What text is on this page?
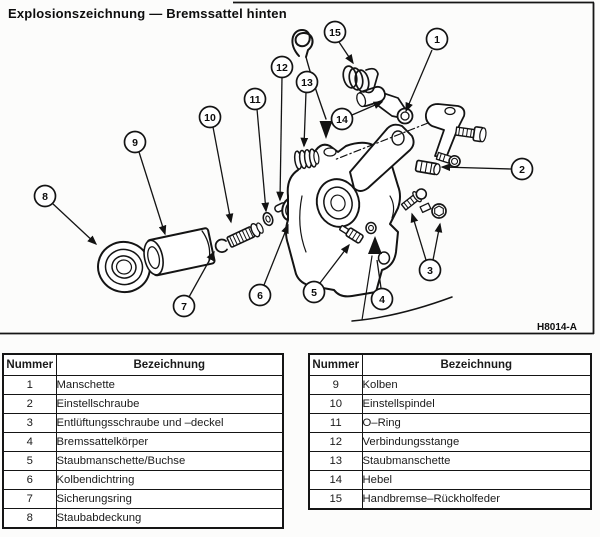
Explosionszeichnung — Bremssattel hinten
1
2
3
4
5
6
7
8
9
10
11
12
13
14
15
H8014-A
Nummer	Bezeichnung
1	Manschette
2	Einstellschraube
3	Entlüftungsschraube und –deckel
4	Bremssattelkörper
5	Staubmanschette/Buchse
6	Kolbendichtring
7	Sicherungsring
8	Staubabdeckung
Nummer	Bezeichnung
9	Kolben
10	Einstellspindel
11	O–Ring
12	Verbindungsstange
13	Staubmanschette
14	Hebel
15	Handbremse–Rückholfeder
